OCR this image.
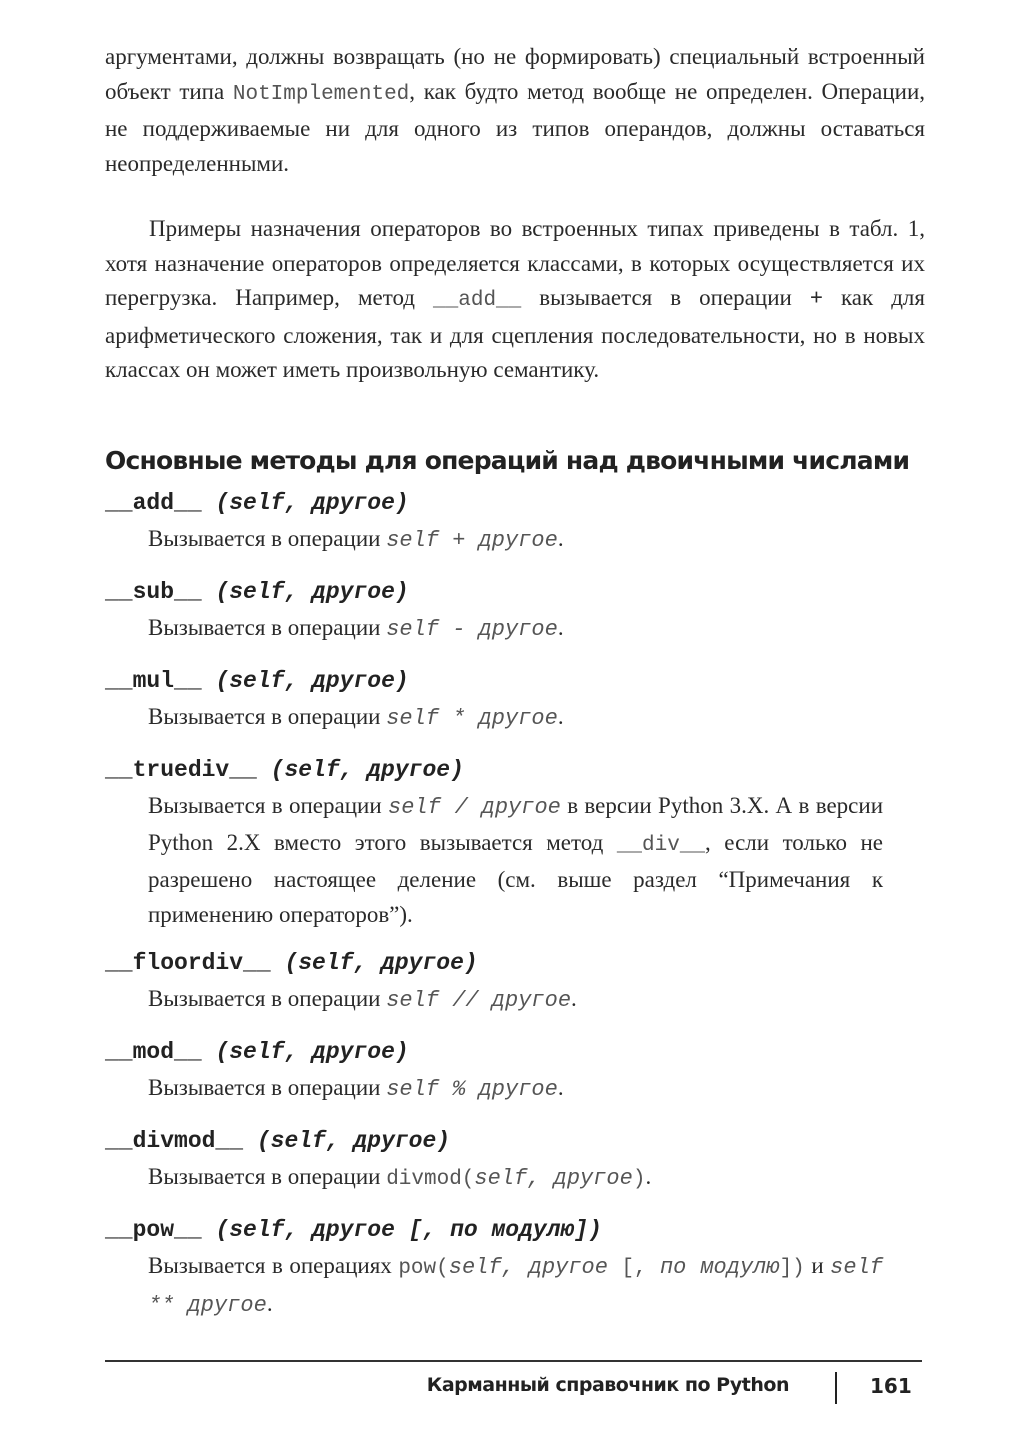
аргументами, должны возвращать (но не формировать) специальный встроенный объект типа NotImplemented, как будто метод вообще не определен. Операции, не поддерживаемые ни для одного из типов операндов, должны оставаться неопределенными.

Примеры назначения операторов во встроенных типах приведены в табл. 1, хотя назначение операторов определяется классами, в которых осуществляется их перегрузка. Например, метод __add__ вызывается в операции + как для арифметического сложения, так и для сцепления последовательности, но в новых классах он может иметь произвольную семантику.

Основные методы для операций над двоичными числами
__add__ (self, другое)
Вызывается в операции self + другое.
__sub__ (self, другое)
Вызывается в операции self - другое.
__mul__ (self, другое)
Вызывается в операции self * другое.
__truediv__ (self, другое)
Вызывается в операции self / другое в версии Python 3.X. А в версии Python 2.X вместо этого вызывается метод __div__, если только не разрешено настоящее деление (см. выше раздел “Примечания к применению операторов”).
__floordiv__ (self, другое)
Вызывается в операции self // другое.
__mod__ (self, другое)
Вызывается в операции self % другое.
__divmod__ (self, другое)
Вызывается в операции divmod(self, другое).
__pow__ (self, другое [, по модулю])
Вызывается в операциях pow(self, другое [, по модулю]) и self ** другое.
Карманный справочник по Python	161
